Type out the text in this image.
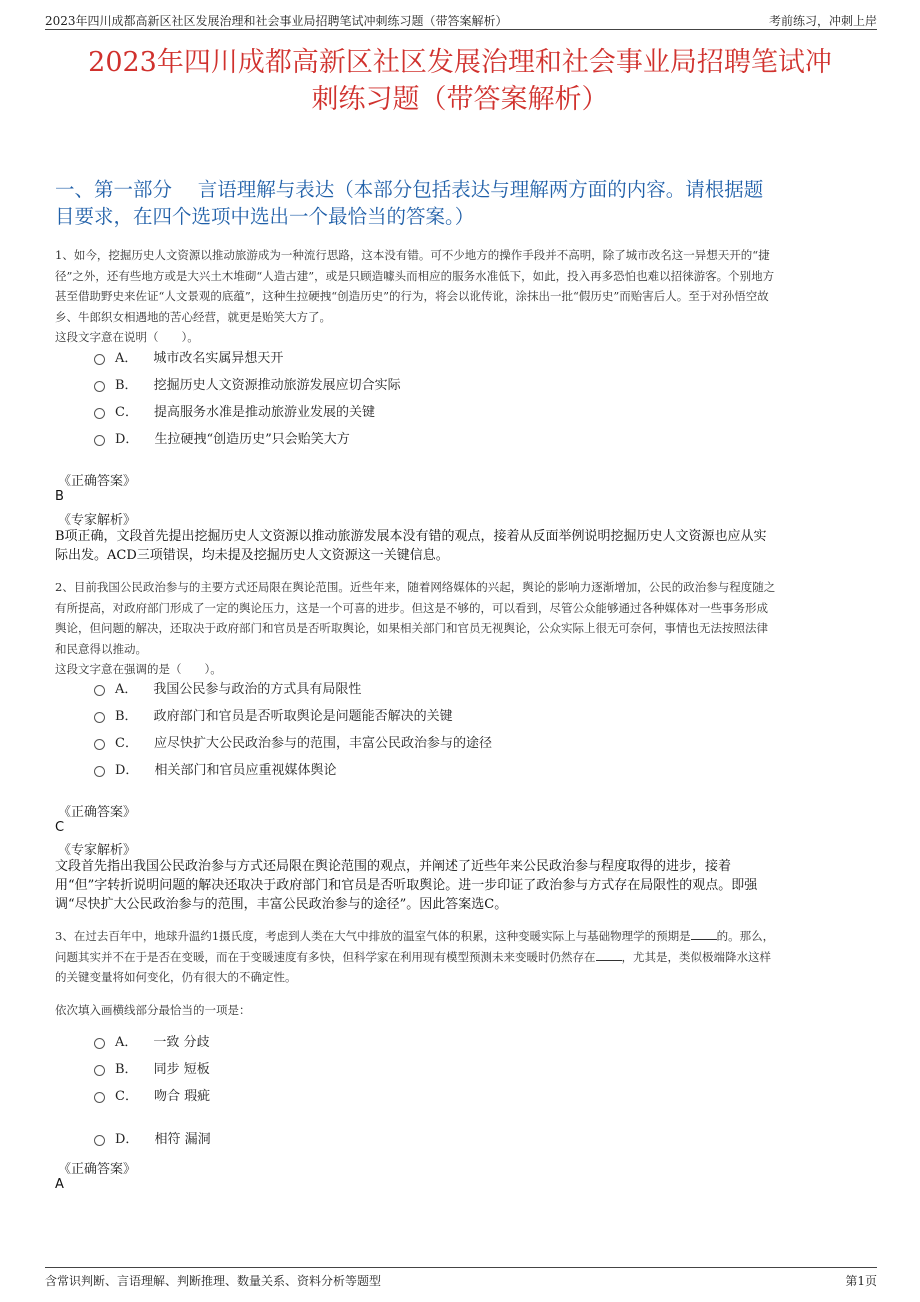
2023年四川成都高新区社区发展治理和社会事业局招聘笔试冲刺练习题（带答案解析）	考前练习，冲刺上岸
2023年四川成都高新区社区发展治理和社会事业局招聘笔试冲
刺练习题（带答案解析）
一、第一部分　 言语理解与表达（本部分包括表达与理解两方面的内容。请根据题
目要求，在四个选项中选出一个最恰当的答案。）
1、如今，挖掘历史人文资源以推动旅游成为一种流行思路，这本没有错。可不少地方的操作手段并不高明，除了城市改名这一异想天开的“捷
径”之外，还有些地方或是大兴土木堆砌“人造古建”，或是只顾造噱头而相应的服务水准低下，如此，投入再多恐怕也难以招徕游客。个别地方
甚至借助野史来佐证“人文景观的底蕴”，这种生拉硬拽“创造历史”的行为，将会以讹传讹，涂抹出一批“假历史”而贻害后人。至于对孙悟空故
乡、牛郎织女相遇地的苦心经营，就更是贻笑大方了。
这段文字意在说明（　　）。
A． 城市改名实属异想天开
B． 挖掘历史人文资源推动旅游发展应切合实际
C． 提高服务水准是推动旅游业发展的关键
D． 生拉硬拽“创造历史”只会贻笑大方
《正确答案》
B
《专家解析》
B项正确，文段首先提出挖掘历史人文资源以推动旅游发展本没有错的观点，接着从反面举例说明挖掘历史人文资源也应从实
际出发。ACD三项错误，均未提及挖掘历史人文资源这一关键信息。
2、目前我国公民政治参与的主要方式还局限在舆论范围。近些年来，随着网络媒体的兴起，舆论的影响力逐渐增加，公民的政治参与程度随之
有所提高，对政府部门形成了一定的舆论压力，这是一个可喜的进步。但这是不够的，可以看到，尽管公众能够通过各种媒体对一些事务形成
舆论，但问题的解决，还取决于政府部门和官员是否听取舆论，如果相关部门和官员无视舆论，公众实际上很无可奈何，事情也无法按照法律
和民意得以推动。
这段文字意在强调的是（　　）。
A． 我国公民参与政治的方式具有局限性
B． 政府部门和官员是否听取舆论是问题能否解决的关键
C． 应尽快扩大公民政治参与的范围，丰富公民政治参与的途径
D． 相关部门和官员应重视媒体舆论
《正确答案》
C
《专家解析》
文段首先指出我国公民政治参与方式还局限在舆论范围的观点，并阐述了近些年来公民政治参与程度取得的进步，接着
用“但”字转折说明问题的解决还取决于政府部门和官员是否听取舆论。进一步印证了政治参与方式存在局限性的观点。即强
调“尽快扩大公民政治参与的范围，丰富公民政治参与的途径”。因此答案选C。
3、在过去百年中，地球升温约1摄氏度，考虑到人类在大气中排放的温室气体的积累，这种变暖实际上与基础物理学的预期是 的。那么，
问题其实并不在于是否在变暖，而在于变暖速度有多快，但科学家在利用现有模型预测未来变暖时仍然存在 ，尤其是，类似极端降水这样
的关键变量将如何变化，仍有很大的不确定性。
依次填入画横线部分最恰当的一项是：
A． 一致 分歧
B． 同步 短板
C． 吻合 瑕疵
D． 相符 漏洞
《正确答案》
A
含常识判断、言语理解、判断推理、数量关系、资料分析等题型	第1页
